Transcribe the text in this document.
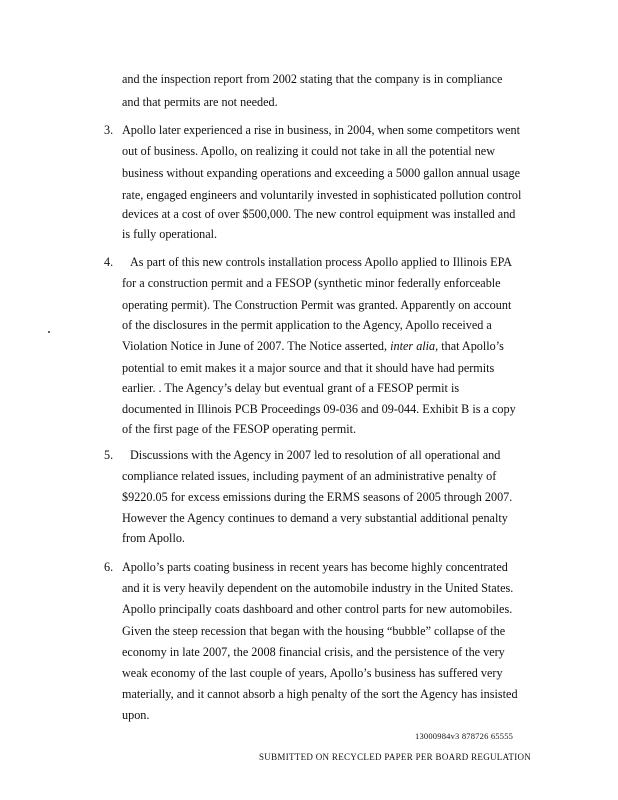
and the inspection report from 2002 stating that the company is in compliance
and that permits are not needed.
3. Apollo later experienced a rise in business, in 2004, when some competitors went
out of business. Apollo, on realizing it could not take in all the potential new
business without expanding operations and exceeding a 5000 gallon annual usage
rate, engaged engineers and voluntarily invested in sophisticated pollution control
devices at a cost of over $500,000. The new control equipment was installed and
is fully operational.
4. As part of this new controls installation process Apollo applied to Illinois EPA
for a construction permit and a FESOP (synthetic minor federally enforceable
operating permit). The Construction Permit was granted. Apparently on account
of the disclosures in the permit application to the Agency, Apollo received a
Violation Notice in June of 2007. The Notice asserted, inter alia, that Apollo’s
potential to emit makes it a major source and that it should have had permits
earlier. . The Agency’s delay but eventual grant of a FESOP permit is
documented in Illinois PCB Proceedings 09-036 and 09-044. Exhibit B is a copy
of the first page of the FESOP operating permit.
5. Discussions with the Agency in 2007 led to resolution of all operational and
compliance related issues, including payment of an administrative penalty of
$9220.05 for excess emissions during the ERMS seasons of 2005 through 2007.
However the Agency continues to demand a very substantial additional penalty
from Apollo.
6. Apollo’s parts coating business in recent years has become highly concentrated
and it is very heavily dependent on the automobile industry in the United States.
Apollo principally coats dashboard and other control parts for new automobiles.
Given the steep recession that began with the housing “bubble” collapse of the
economy in late 2007, the 2008 financial crisis, and the persistence of the very
weak economy of the last couple of years, Apollo’s business has suffered very
materially, and it cannot absorb a high penalty of the sort the Agency has insisted
upon.
13000984v3 878726 65555
SUBMITTED ON RECYCLED PAPER PER BOARD REGULATION
